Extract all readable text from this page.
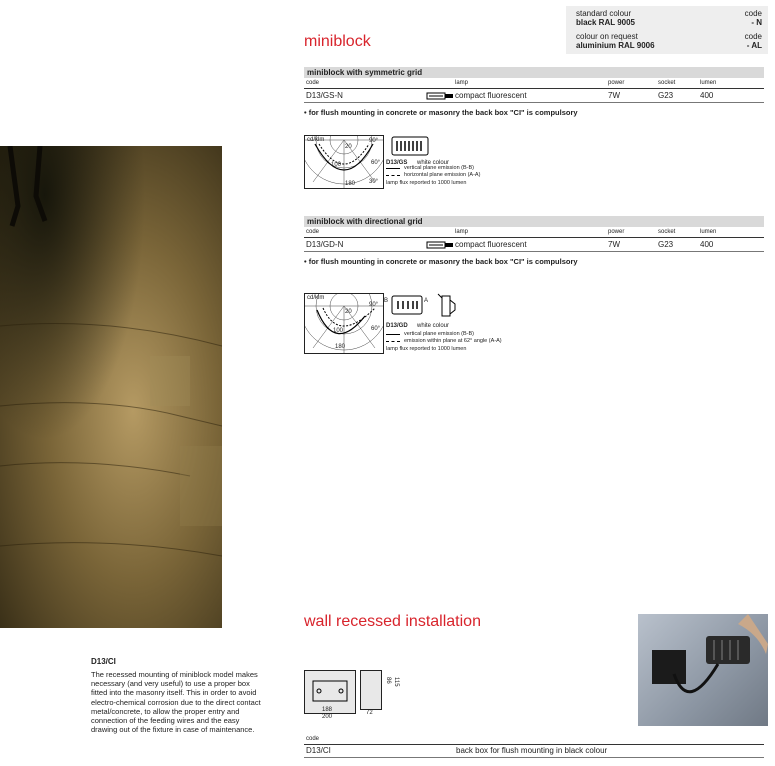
standard colour	code
black RAL 9005	- N
colour on request	code
aluminium RAL 9006	- AL
miniblock
miniblock with symmetric grid
code	lamp	power	socket	lumen
D13/GS-N	compact fluorescent	7W	G23	400
• for flush mounting in concrete or masonry the back box "CI" is compulsory
cd/klm	90°
60°
30°
20
100
180
D13/GS white colour
vertical plane emission (B-B)
horizontal plane emission (A-A)
lamp flux reported to 1000 lumen
miniblock with directional grid
code	lamp	power	socket	lumen
D13/GD-N	compact fluorescent	7W	G23	400
• for flush mounting in concrete or masonry the back box "CI" is compulsory
cd/klm
90°
60°
20
100
180
B	A
D13/GD white colour
vertical plane emission (B-B)
emission within plane at 62° angle (A-A)
lamp flux reported to 1000 lumen
wall recessed installation
188
200
86 115
72
code
D13/CI	back box for flush mounting in black colour
D13/CI
The recessed mounting of miniblock model makes necessary (and very useful) to use a proper box fitted into the masonry itself. This in order to avoid electro-chemical corrosion due to the direct contact metal/concrete, to allow the proper entry and connection of the feeding wires and the easy drawing out of the fixture in case of maintenance.
